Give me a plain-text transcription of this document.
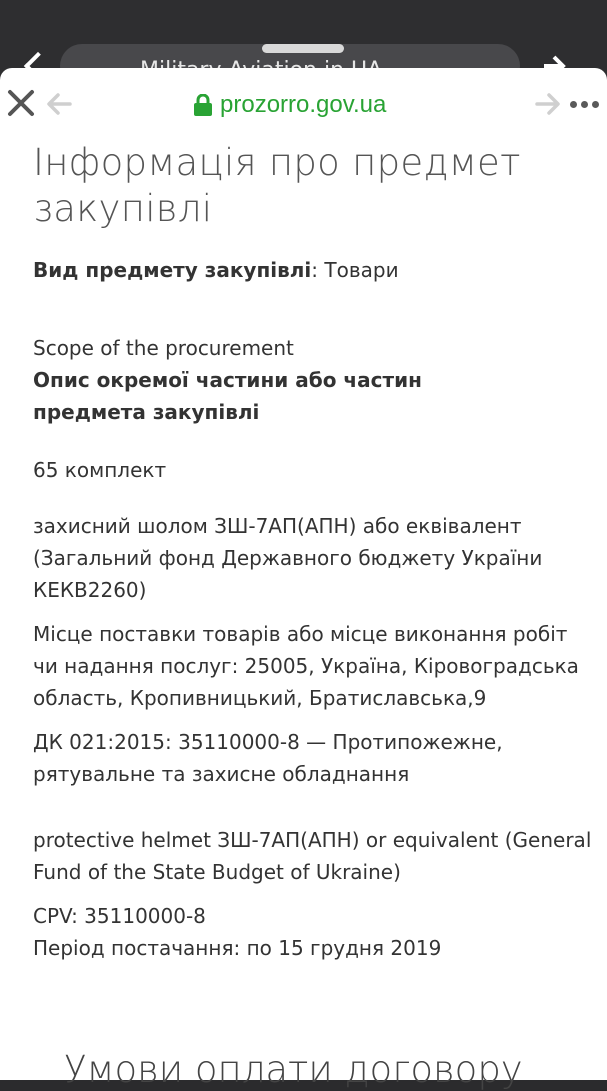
prozorro.gov.ua
Інформація про предмет закупівлі

Вид предмету закупівлі: Товари

Scope of the procurement

Опис окремої частини або частин предмета закупівлі

65 комплект

захисний шолом ЗШ-7АП(АПН) або еквівалент (Загальний фонд Державного бюджету України КЕКВ2260)

Місце поставки товарів або місце виконання робіт чи надання послуг: 25005, Україна, Кіровоградська область, Кропивницький, Братиславська,9

ДК 021:2015: 35110000-8 — Протипожежне, рятувальне та захисне обладнання

protective helmet ЗШ-7АП(АПН) or equivalent (General Fund of the State Budget of Ukraine)

CPV: 35110000-8

Період постачання: по 15 грудня 2019

Умови оплати договору
